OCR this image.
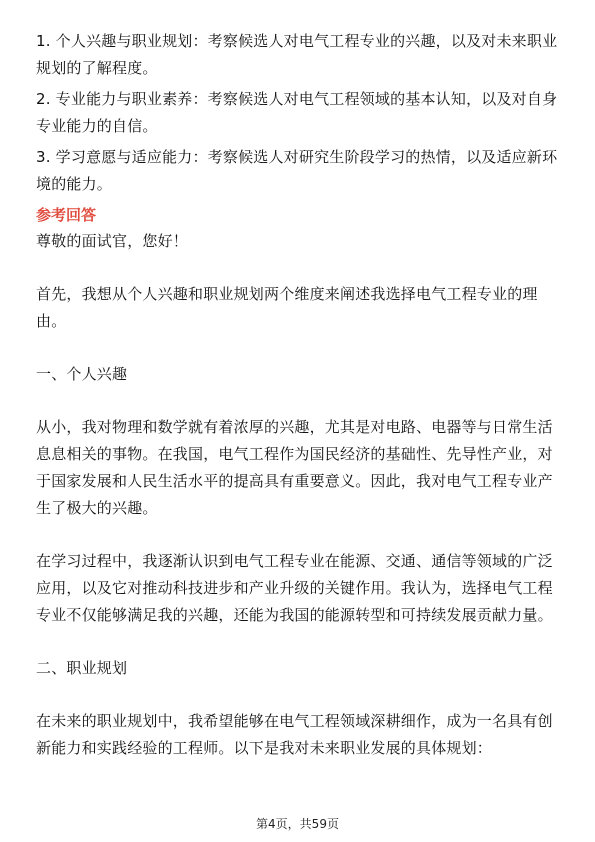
1. 个人兴趣与职业规划：考察候选人对电气工程专业的兴趣，以及对未来职业规划的了解程度。

2. 专业能力与职业素养：考察候选人对电气工程领域的基本认知，以及对自身专业能力的自信。

3. 学习意愿与适应能力：考察候选人对研究生阶段学习的热情，以及适应新环境的能力。

参考回答

尊敬的面试官，您好！

首先，我想从个人兴趣和职业规划两个维度来阐述我选择电气工程专业的理由。

一、个人兴趣

从小，我对物理和数学就有着浓厚的兴趣，尤其是对电路、电器等与日常生活息息相关的事物。在我国，电气工程作为国民经济的基础性、先导性产业，对于国家发展和人民生活水平的提高具有重要意义。因此，我对电气工程专业产生了极大的兴趣。

在学习过程中，我逐渐认识到电气工程专业在能源、交通、通信等领域的广泛应用，以及它对推动科技进步和产业升级的关键作用。我认为，选择电气工程专业不仅能够满足我的兴趣，还能为我国的能源转型和可持续发展贡献力量。

二、职业规划

在未来的职业规划中，我希望能够在电气工程领域深耕细作，成为一名具有创新能力和实践经验的工程师。以下是我对未来职业发展的具体规划：

第4页，共59页
